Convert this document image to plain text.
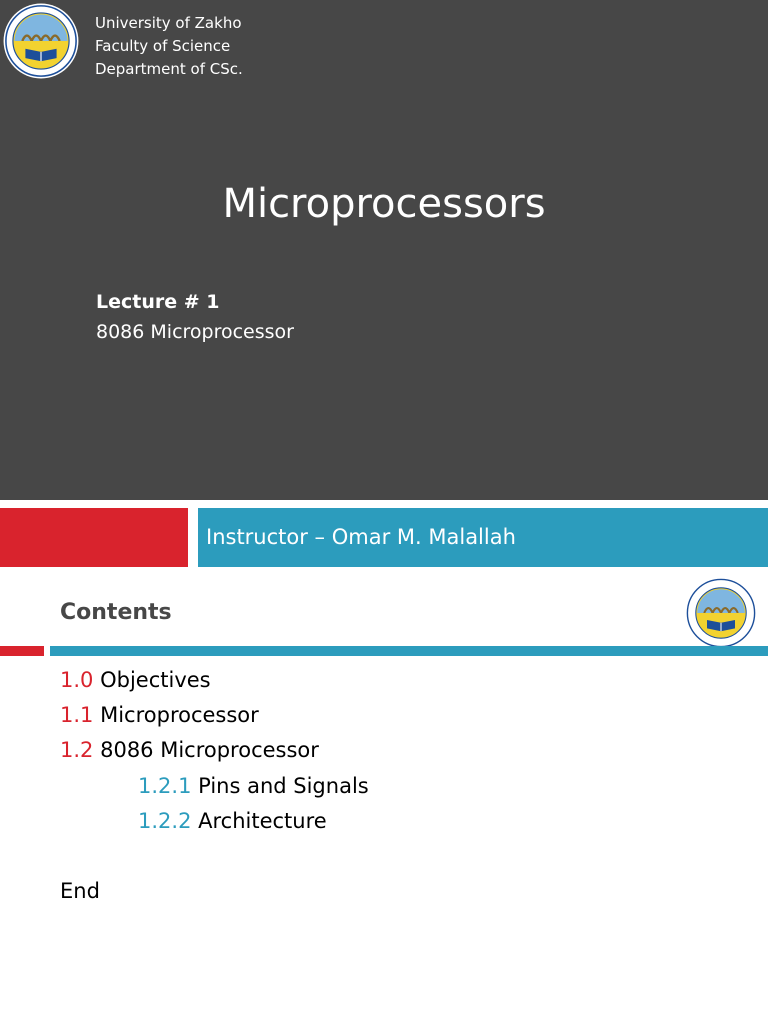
University of Zakho
Faculty of Science
Department of CSc.
Microprocessors
Lecture # 1
8086 Microprocessor
Instructor – Omar M. Malallah
Contents
1.0 Objectives
1.1 Microprocessor
1.2 8086 Microprocessor
1.2.1 Pins and Signals
1.2.2 Architecture
End
